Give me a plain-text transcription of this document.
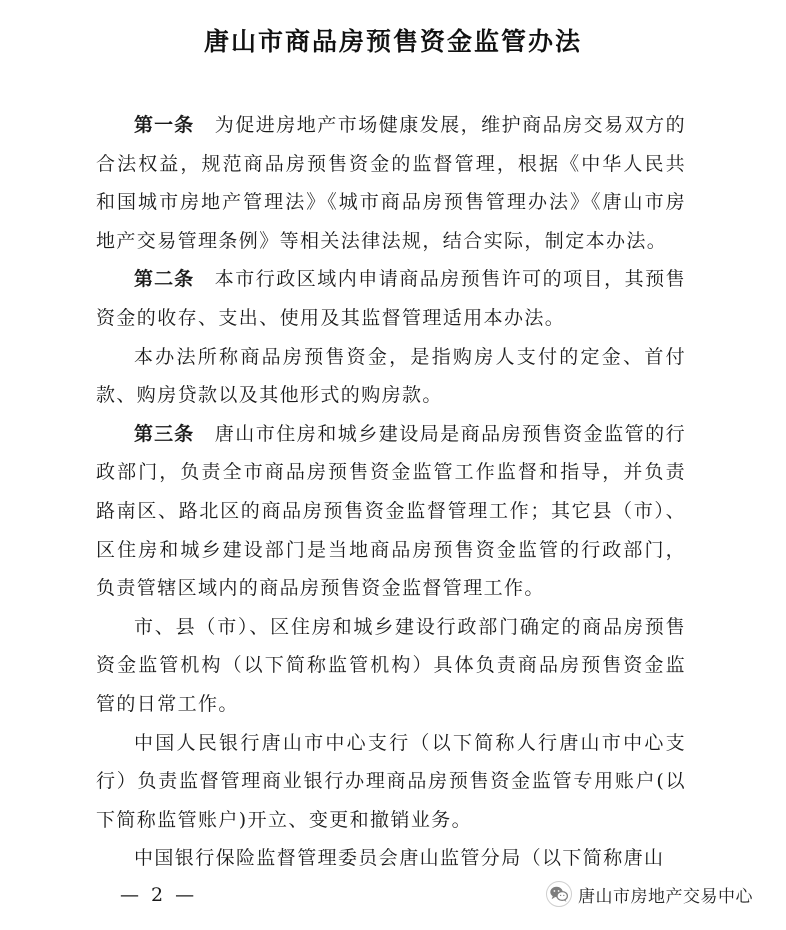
唐山市商品房预售资金监管办法

第一条  为促进房地产市场健康发展，维护商品房交易双方的合法权益，规范商品房预售资金的监督管理，根据《中华人民共和国城市房地产管理法》《城市商品房预售管理办法》《唐山市房地产交易管理条例》等相关法律法规，结合实际，制定本办法。

第二条  本市行政区域内申请商品房预售许可的项目，其预售资金的收存、支出、使用及其监督管理适用本办法。

本办法所称商品房预售资金，是指购房人支付的定金、首付款、购房贷款以及其他形式的购房款。

第三条  唐山市住房和城乡建设局是商品房预售资金监管的行政部门，负责全市商品房预售资金监管工作监督和指导，并负责路南区、路北区的商品房预售资金监督管理工作；其它县（市）、区住房和城乡建设部门是当地商品房预售资金监管的行政部门，负责管辖区域内的商品房预售资金监督管理工作。

市、县（市）、区住房和城乡建设行政部门确定的商品房预售资金监管机构（以下简称监管机构）具体负责商品房预售资金监管的日常工作。

中国人民银行唐山市中心支行（以下简称人行唐山市中心支行）负责监督管理商业银行办理商品房预售资金监管专用账户(以下简称监管账户)开立、变更和撤销业务。

中国银行保险监督管理委员会唐山监管分局（以下简称唐山

— 2 —	唐山市房地产交易中心
